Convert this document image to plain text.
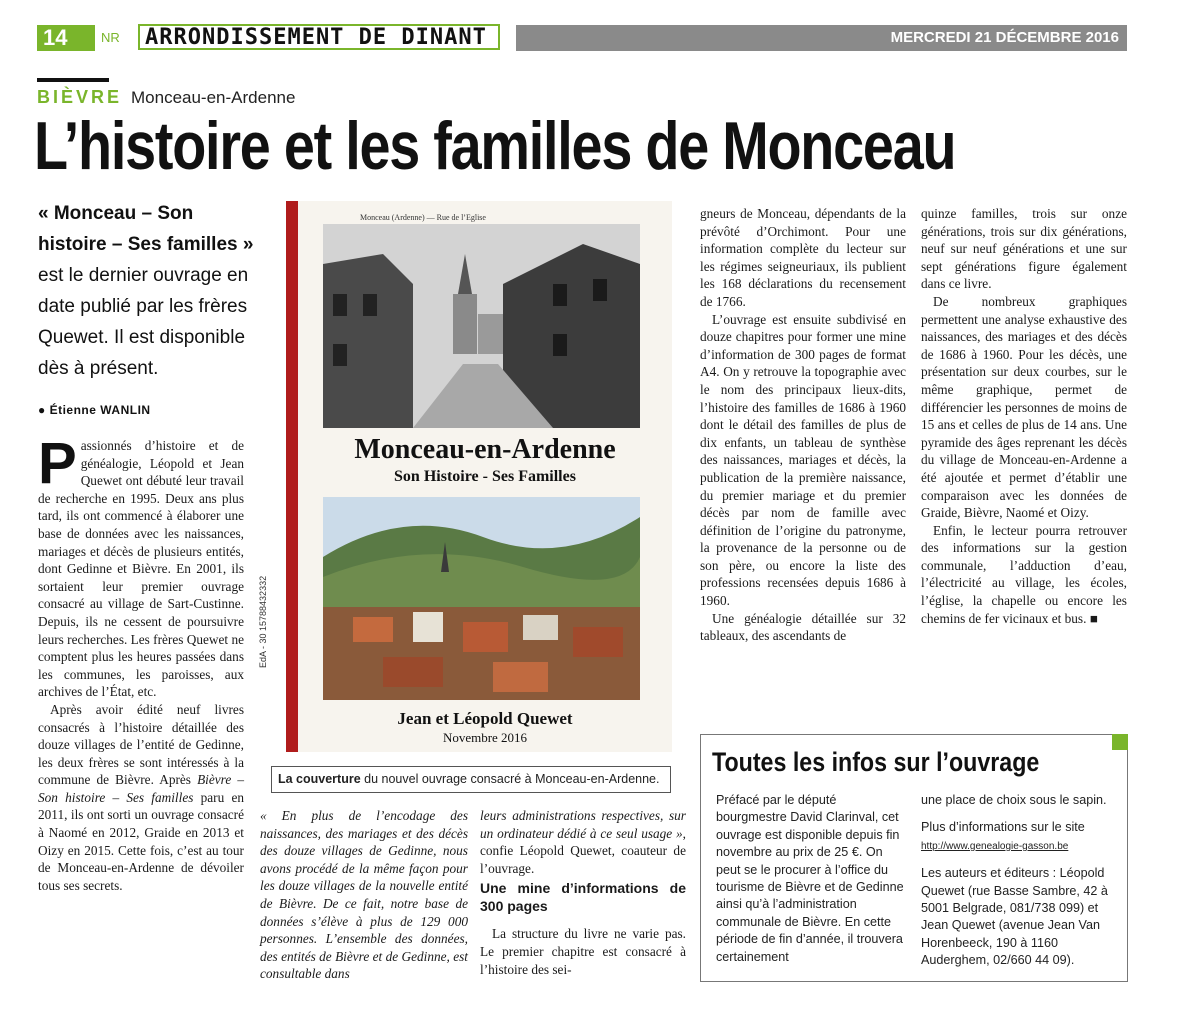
14	NR	ARRONDISSEMENT DE DINANT	MERCREDI 21 DÉCEMBRE 2016
BIÈVRE Monceau-en-Ardenne
L’histoire et les familles de Monceau
« Monceau – Son histoire – Ses familles » est le dernier ouvrage en date publié par les frères Quewet. Il est disponible dès à présent.
● Étienne WANLIN

Passionnés d’histoire et de généalogie, Léopold et Jean Quewet ont débuté leur travail de recherche en 1995. Deux ans plus tard, ils ont commencé à élaborer une base de données avec les naissances, mariages et décès de plusieurs entités, dont Gedinne et Bièvre. En 2001, ils sortaient leur premier ouvrage consacré au village de Sart-Custinne. Depuis, ils ne cessent de poursuivre leurs recherches. Les frères Quewet ne comptent plus les heures passées dans les communes, les paroisses, aux archives de l’État, etc.

Après avoir édité neuf livres consacrés à l’histoire détaillée des douze villages de l’entité de Gedinne, les deux frères se sont intéressés à la commune de Bièvre. Après Bièvre – Son histoire – Ses familles paru en 2011, ils ont sorti un ouvrage consacré à Naomé en 2012, Graide en 2013 et Oizy en 2015. Cette fois, c’est au tour de Monceau-en-Ardenne de dévoiler tous ses secrets.

Monceau (Ardenne) — Rue de l’Eglise
Monceau-en-Ardenne
Son Histoire - Ses Familles
Jean et Léopold Quewet
Novembre 2016
EdA - 30 15788432332
La couverture du nouvel ouvrage consacré à Monceau-en-Ardenne.
« En plus de l’encodage des naissances, des mariages et des décès des douze villages de Gedinne, nous avons procédé de la même façon pour les douze villages de la nouvelle entité de Bièvre. De ce fait, notre base de données s’élève à plus de 129 000 personnes. L’ensemble des données, des entités de Bièvre et de Gedinne, est consultable dans

leurs administrations respectives, sur un ordinateur dédié à ce seul usage », confie Léopold Quewet, coauteur de l’ouvrage.

Une mine d’informations de 300 pages

La structure du livre ne varie pas. Le premier chapitre est consacré à l’histoire des sei-

gneurs de Monceau, dépendants de la prévôté d’Orchimont. Pour une information complète du lecteur sur les régimes seigneuriaux, ils publient les 168 déclarations du recensement de 1766.

L’ouvrage est ensuite subdivisé en douze chapitres pour former une mine d’information de 300 pages de format A4. On y retrouve la topographie avec le nom des principaux lieux-dits, l’histoire des familles de 1686 à 1960 dont le détail des familles de plus de dix enfants, un tableau de synthèse des naissances, mariages et décès, la publication de la première naissance, du premier mariage et du premier décès par nom de famille avec définition de l’origine du patronyme, la provenance de la personne ou de son père, ou encore la liste des professions recensées depuis 1686 à 1960.

Une généalogie détaillée sur 32 tableaux, des ascendants de

quinze familles, trois sur onze générations, trois sur dix générations, neuf sur neuf générations et une sur sept générations figure également dans ce livre.

De nombreux graphiques permettent une analyse exhaustive des naissances, des mariages et des décès de 1686 à 1960. Pour les décès, une présentation sur deux courbes, sur le même graphique, permet de différencier les personnes de moins de 15 ans et celles de plus de 14 ans. Une pyramide des âges reprenant les décès du village de Monceau-en-Ardenne a été ajoutée et permet d’établir une comparaison avec les données de Graide, Bièvre, Naomé et Oizy.

Enfin, le lecteur pourra retrouver des informations sur la gestion communale, l’adduction d’eau, l’électricité au village, les écoles, l’église, la chapelle ou encore les chemins de fer vicinaux et bus. ■

Toutes les infos sur l’ouvrage
Préfacé par le député bourgmestre David Clarinval, cet ouvrage est disponible depuis fin novembre au prix de 25 €. On peut se le procurer à l’office du tourisme de Bièvre et de Gedinne ainsi qu’à l’administration communale de Bièvre. En cette période de fin d’année, il trouvera certainement

une place de choix sous le sapin.

Plus d’informations sur le site
http://www.genealogie-gasson.be

Les auteurs et éditeurs : Léopold Quewet (rue Basse Sambre, 42 à 5001 Belgrade, 081/738 099) et Jean Quewet (avenue Jean Van Horenbeeck, 190 à 1160 Auderghem, 02/660 44 09).
